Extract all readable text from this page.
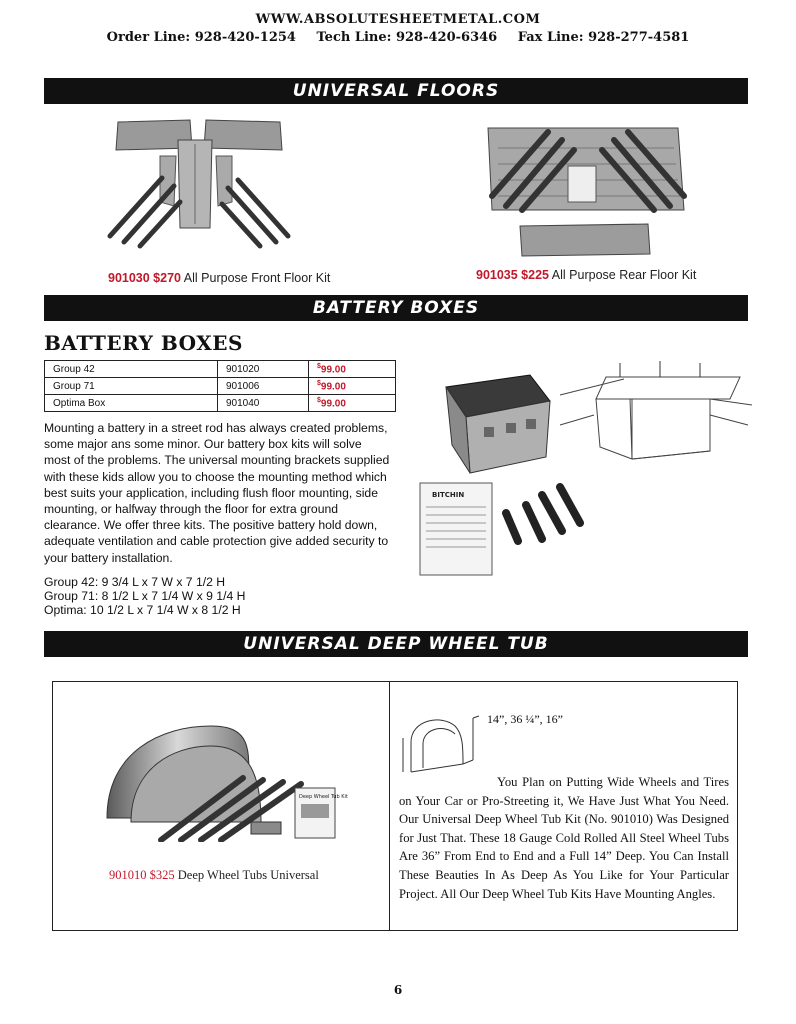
WWW.ABSOLUTESHEETMETAL.COM
Order Line: 928-420-1254 Tech Line: 928-420-6346 Fax Line: 928-277-4581
UNIVERSAL FLOORS
901030 $270 All Purpose Front Floor Kit	901035 $225 All Purpose Rear Floor Kit
BATTERY BOXES
BATTERY BOXES
Group 42	901020	$99.00
Group 71	901006	$99.00
Optima Box	901040	$99.00
Mounting a battery in a street rod has always created problems, some major ans some minor. Our battery box kits will solve most of the problems. The universal mounting brackets supplied with these kids allow you to choose the mounting method which best suits your application, including flush floor mounting, side mounting, or halfway through the floor for extra ground clearance. We offer three kits. The positive battery hold down, adequate ventilation and cable protection give added security to your battery installation.
Group 42: 9 3/4 L x 7 W x 7 1/2 H
Group 71: 8 1/2 L x 7 1/4 W x 9 1/4 H
Optima: 10 1/2 L x 7 1/4 W x 8 1/2 H
BITCHIN
UNIVERSAL DEEP WHEEL TUB
Deep Wheel Tub Kit
901010 $325 Deep Wheel Tubs Universal
14”, 36 ¼”, 16”
You Plan on Putting Wide Wheels and Tires on Your Car or Pro-Streeting it, We Have Just What You Need. Our Universal Deep Wheel Tub Kit (No. 901010) Was Designed for Just That. These 18 Gauge Cold Rolled All Steel Wheel Tubs Are 36” From End to End and a Full 14” Deep. You Can Install These Beauties In As Deep As You Like for Your Particular Project. All Our Deep Wheel Tub Kits Have Mounting Angles.
6
